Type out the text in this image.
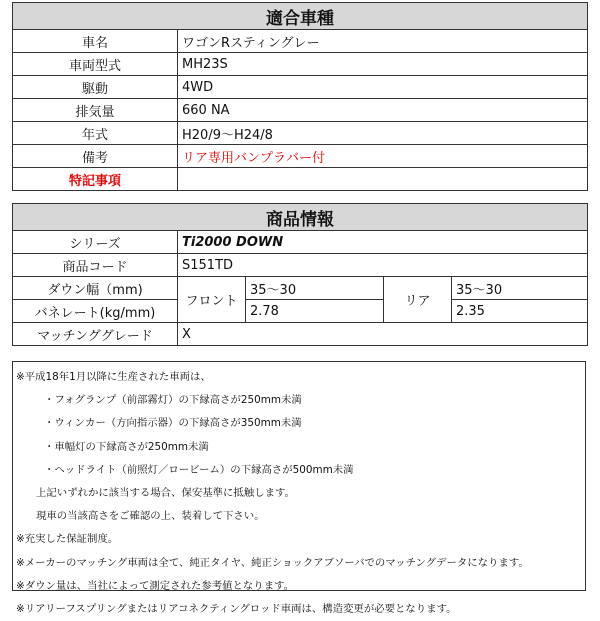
適合車種	
車名	ワゴンRスティングレー
車両型式	MH23S
駆動	4WD
排気量	660 NA
年式	H20/9～H24/8
備考	リア専用バンプラバー付
特記事項	
商品情報				
シリーズ	Ti2000 DOWN			
商品コード	S151TD			
ダウン幅（mm)	フロント	35～30	リア	35～30
バネレート(kg/mm)		2.78		2.35
マッチンググレード	X			
※平成18年1月以降に生産された車両は、
・フォグランプ（前部霧灯）の下縁高さが250mm未満
・ウィンカー（方向指示器）の下縁高さが350mm未満
・車幅灯の下縁高さが250mm未満
・ヘッドライト（前照灯／ロービーム）の下縁高さが500mm未満
上記いずれかに該当する場合、保安基準に抵触します。
現車の当該高さをご確認の上、装着して下さい。
※充実した保証制度。
※メーカーのマッチング車両は全て、純正タイヤ、純正ショックアブソーバでのマッチングデータになります。
※ダウン量は、当社によって測定された参考値となります。
※リアリーフスプリングまたはリアコネクティングロッド車両は、構造変更が必要となります。
